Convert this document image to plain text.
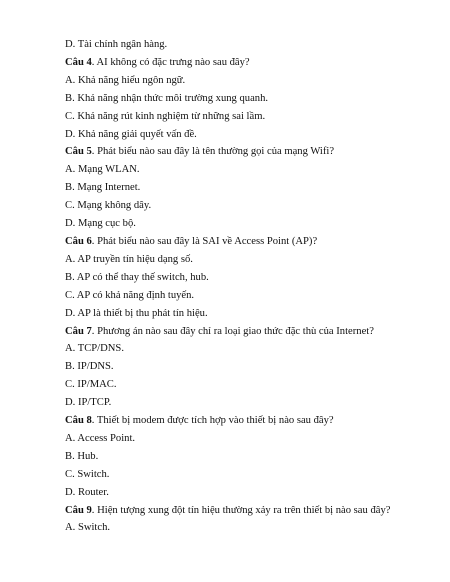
D. Tài chính ngân hàng.
Câu 4. AI không có đặc trưng nào sau đây?
A. Khả năng hiểu ngôn ngữ.
B. Khả năng nhận thức môi trường xung quanh.
C. Khả năng rút kinh nghiệm từ những sai lầm.
D. Khả năng giải quyết vấn đề.
Câu 5. Phát biểu nào sau đây là tên thường gọi của mạng Wifi?
A. Mạng WLAN.
B. Mạng Internet.
C. Mạng không dây.
D. Mạng cục bộ.
Câu 6. Phát biểu nào sau đây là SAI về Access Point (AP)?
A. AP truyền tín hiệu dạng số.
B. AP có thể thay thế switch, hub.
C. AP có khả năng định tuyến.
D. AP là thiết bị thu phát tín hiệu.
Câu 7. Phương án nào sau đây chỉ ra loại giao thức đặc thù của Internet?
A. TCP/DNS.
B. IP/DNS.
C. IP/MAC.
D. IP/TCP.
Câu 8. Thiết bị modem được tích hợp vào thiết bị nào sau đây?
A. Access Point.
B. Hub.
C. Switch.
D. Router.
Câu 9. Hiện tượng xung đột tín hiệu thường xảy ra trên thiết bị nào sau đây?
A. Switch.
